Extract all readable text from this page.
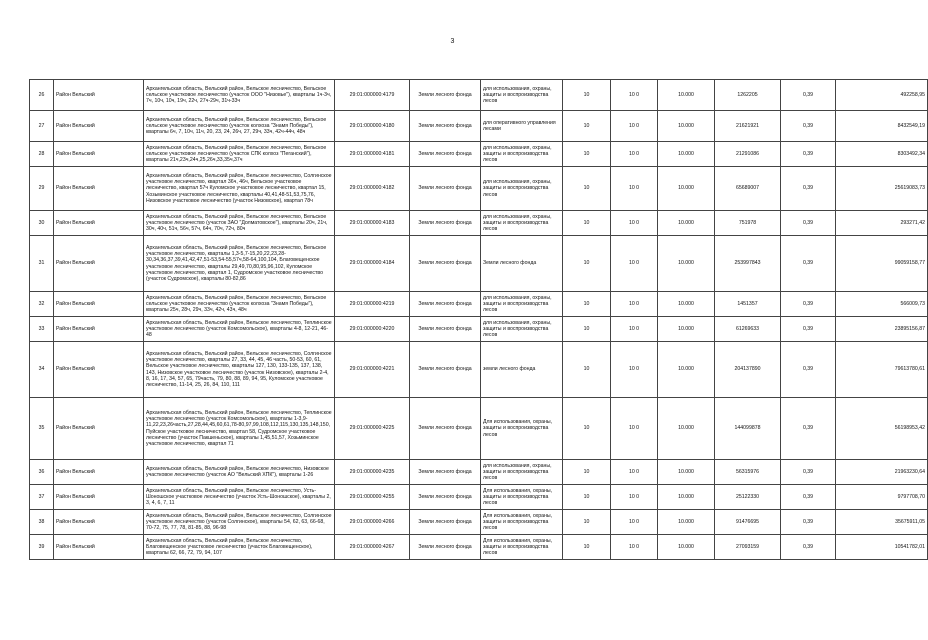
3
26	Район Вельский	Архангельская область, Вельский район, Вельское лесничество, Вельское сельское участковое лесничество (участок ООО "Низовье"), кварталы 1ч-3ч, 7ч, 10ч, 10ч, 19ч, 22ч, 27ч-29ч, 31ч-33ч	29:01:000000:4179	Земли лесного фонда	для использования, охраны, защиты и воспроизводства лесов	10	10 0	10.000	1262205	0,39	492258,95
27	Район Вельский	Архангельская область, Вельский район, Вельское лесничество, Вельское сельское участковое лесничество (участок колхоза "Знамя Победы"), кварталы 6ч, 7, 10ч, 11ч, 20, 23, 24, 26ч, 27, 29ч, 33ч, 42ч-44ч, 48ч	29:01:000000:4180	Земли лесного фонда	для оперативного управления лесами	10	10 0	10.000	21621921	0,39	8432549,19
28	Район Вельский	Архангельская область, Вельский район, Вельское лесничество, Вельское сельское участковое лесничество (участок СПК колхоз "Пеганский"), кварталы 21ч,23ч,24ч,25,26ч,33,35ч,37ч	29:01:000000:4181	Земли лесного фонда	для использования, охраны, защиты и воспроизводства лесов	10	10 0	10.000	21291086	0,39	8303492,34
29	Район Вельский	Архангельская область, Вельский район, Вельское лесничество, Солгинское участковое лесничество, квартал 36ч, 46ч, Вельское участковое лесничество, квартал 57ч Куломское участковое лесничество, квартал 15, Хозьминское участковое лесничество, кварталы 40,41,48-51,53,75,76, Низовское участковое лесничество (участок Низовское), квартал 78ч	29:01:000000:4182	Земли лесного фонда	для использования, охраны, защиты и воспроизводства лесов	10	10 0	10.000	65689007	0,39	25619083,73
30	Район Вельский	Архангельская область, Вельский район, Вельское лесничество, Вельское участковое лесничество (участок ЗАО "Долматовское"), кварталы 20ч, 21ч, 30ч, 40ч, 51ч, 56ч, 57ч, 64ч, 70ч, 72ч, 80ч	29:01:000000:4183	Земли лесного фонда	для использования, охраны, защиты и воспроизводства лесов	10	10 0	10.000	751978	0,39	293271,42
31	Район Вельский	Архангельская область, Вельский район, Вельское лесничество, Вельское участковое лесничество, кварталы 1,3-5,7-15,20,22,23,28-30,34,36,37,39,41,42,47,51-53,54-55,57ч,58-64,100,104, Благовещенское участковое лесничество, кварталы 29,49,70,80,95,96,102, Куломское участковое лесничество, квартал 1, Судромское участковое лесничество (участок Судромское), кварталы 80-82,86	29:01:000000:4184	Земли лесного фонда	Земли лесного фонда	10	10 0	10.000	253997843	0,39	99059158,77
32	Район Вельский	Архангельская область, Вельский район, Вельское лесничество, Вельское сельское участковое лесничество (участок колхоза "Знамя Победы"), кварталы 25ч, 28ч, 29ч, 33ч, 42ч, 43ч, 48ч	29:01:000000:4219	Земли лесного фонда	для использования, охраны, защиты и воспроизводства лесов	10	10 0	10.000	1451357	0,39	566009,73
33	Район Вельский	Архангельская область, Вельский район, Вельское лесничество, Теплинское участковое лесничество (участок Комсомольское), кварталы 4-8, 12-21, 46-48	29:01:000000:4220	Земли лесного фонда	для использования, охраны, защиты и воспроизводства лесов	10	10 0	10.000	61269633	0,39	23895156,87
34	Район Вельский	Архангельская область, Вельский район, Вельское лесничество, Солгинское участковое лесничество, кварталы 27, 33, 44, 45, 46 часть, 50-53, 60, 61, Вельское участковое лесничество, кварталы 127, 130, 133-135, 137, 138, 143, Низовское участковое лесничество (участок Низовское), кварталы 2-4, 8, 16, 17, 34, 57, 65, 79часть, 79, 80, 88, 89, 94, 95, Куломское участковое лесничество, 11-14, 25, 26, 84, 110, 111	29:01:000000:4221	Земли лесного фонда	земли лесного фонда	10	10 0	10.000	204137890	0,39	79613780,61
35	Район Вельский	Архангельская область, Вельский район, Вельское лесничество, Теплинское участковое лесничество (участок Комсомольское), кварталы 1-3,9-11,22,23,26часть,27,28,44,45,60,61,78-80,97,99,108,112,115,130,135,148,150, Пуйское участковое лесничество, квартал 58, Судромское участковое лесничество (участок Пакшеньское), кварталы 1,45,51,57, Хозьминское участковое лесничество, квартал 71	29:01:000000:4225	Земли лесного фонда	Для использования, охраны, защиты и воспроизводства лесов	10	10 0	10.000	144099878	0,39	56198953,42
36	Район Вельский	Архангельская область, Вельский район, Вельское лесничество, Низовское участковое лесничество (участок АО "Вельский ХПК"), кварталы 1-26	29:01:000000:4235	Земли лесного фонда	для использования, охраны, защиты и воспроизводства лесов	10	10 0	10.000	56315976	0,39	21963230,64
37	Район Вельский	Архангельская область, Вельский район, Вельское лесничество, Усть-Шоношское участковое лесничество (участок Усть-Шоношское), кварталы 2, 3, 4, 6, 7, 11	29:01:000000:4255	Земли лесного фонда	Для использования, охраны, защиты и воспроизводства лесов	10	10 0	10.000	25122330	0,39	9797708,70
38	Район Вельский	Архангельская область, Вельский район, Вельское лесничество, Солгинское участковое лесничество (участок Солгинское), кварталы 54, 62, 63, 66-68, 70-72, 75, 77, 78, 81-85, 88, 96-98	29:01:000000:4266	Земли лесного фонда	Для использования, охраны, защиты и воспроизводства лесов	10	10 0	10.000	91476695	0,39	35675911,05
39	Район Вельский	Архангельская область, Вельский район, Вельское лесничество, Благовещенское участковое лесничество (участок Благовещенское), кварталы 62, 66, 72, 79, 94, 107	29:01:000000:4267	Земли лесного фонда	Для использования, охраны, защиты и воспроизводства лесов	10	10 0	10.000	27093159	0,39	10541782,01
